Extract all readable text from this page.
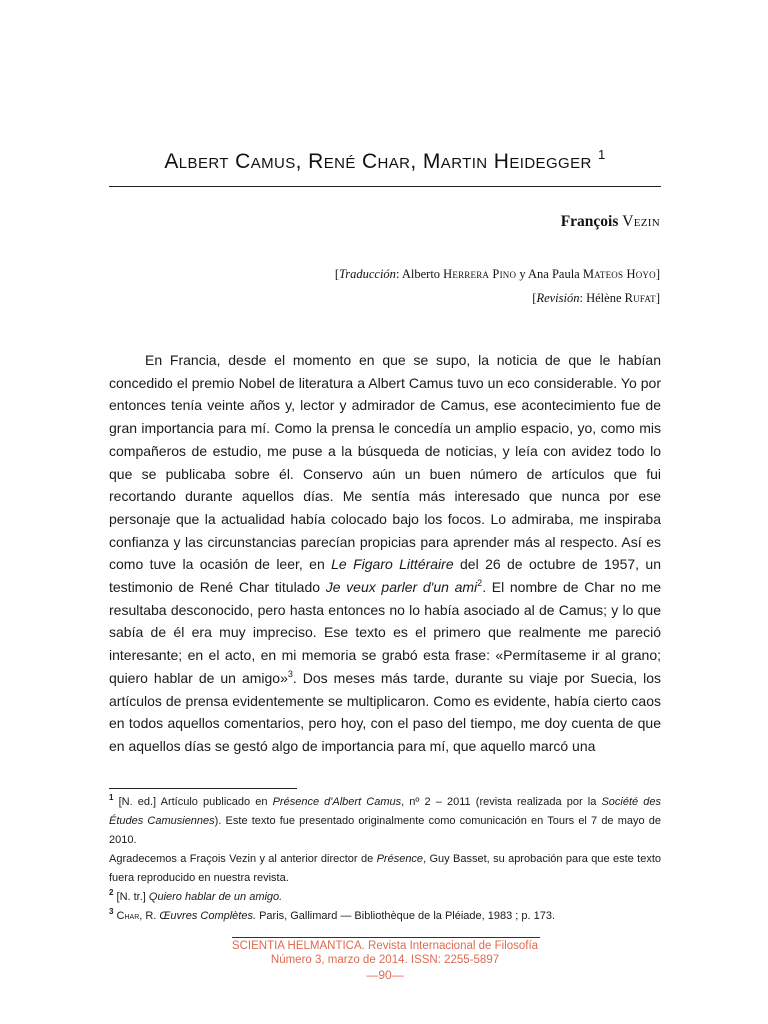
Albert Camus, René Char, Martin Heidegger $^1$
François Vezin
[Traducción: Alberto Herrera Pino y Ana Paula Mateos Hoyo]
[Revisión: Hélène Rufat]

En Francia, desde el momento en que se supo, la noticia de que le habían concedido el premio Nobel de literatura a Albert Camus tuvo un eco considerable. Yo por entonces tenía veinte años y, lector y admirador de Camus, ese acontecimiento fue de gran importancia para mí. Como la prensa le concedía un amplio espacio, yo, como mis compañeros de estudio, me puse a la búsqueda de noticias, y leía con avidez todo lo que se publicaba sobre él. Conservo aún un buen número de artículos que fui recortando durante aquellos días. Me sentía más interesado que nunca por ese personaje que la actualidad había colocado bajo los focos. Lo admiraba, me inspiraba confianza y las circunstancias parecían propicias para aprender más al respecto. Así es como tuve la ocasión de leer, en Le Figaro Littéraire del 26 de octubre de 1957, un testimonio de René Char titulado Je veux parler d'un ami$^2$. El nombre de Char no me resultaba desconocido, pero hasta entonces no lo había asociado al de Camus; y lo que sabía de él era muy impreciso. Ese texto es el primero que realmente me pareció interesante; en el acto, en mi memoria se grabó esta frase: «Permítaseme ir al grano; quiero hablar de un amigo»$^3$. Dos meses más tarde, durante su viaje por Suecia, los artículos de prensa evidentemente se multiplicaron. Como es evidente, había cierto caos en todos aquellos comentarios, pero hoy, con el paso del tiempo, me doy cuenta de que en aquellos días se gestó algo de importancia para mí, que aquello marcó una

$^1$ [N. ed.] Artículo publicado en Présence d'Albert Camus, nº 2 – 2011 (revista realizada por la Société des Études Camusiennes). Este texto fue presentado originalmente como comunicación en Tours el 7 de mayo de 2010.

Agradecemos a Fraçois Vezin y al anterior director de Présence, Guy Basset, su aprobación para que este texto fuera reproducido en nuestra revista.

$^2$ [N. tr.] Quiero hablar de un amigo.

$^3$ Char, R. Œuvres Complètes. Paris, Gallimard — Bibliothèque de la Pléiade, 1983 ; p. 173.

SCIENTIA HELMANTICA. Revista Internacional de Filosofía
Número 3, marzo de 2014. ISSN: 2255-5897
—90—
